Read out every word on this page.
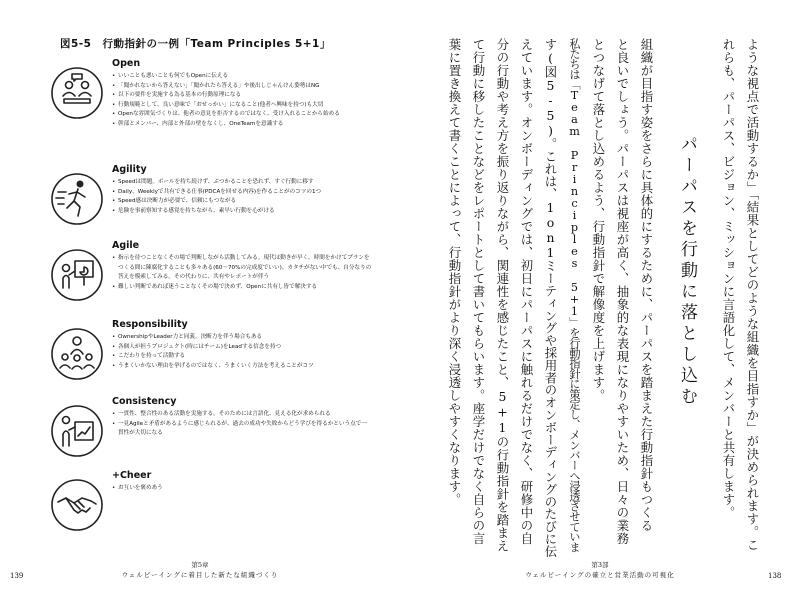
図5-5　行動指針の一例「Team Principles 5+1」
Open
• いいことも悪いことも何でもOpenに伝える
• 「聞かれないから答えない」「聞かれたら答える」や後出しじゃんけん姿勢はNG
• 以下の要件を実施する為る基本の行動原理になる
• 行動規範として、良い意味で「おせっかい」になること(他者へ興味を持つ)も大切
• Openな雰囲気づくりは、他者の意見を拒否するのではなく、受け入れることから始める
• 幹部とメンバー、内部と外部の壁をなくし、OneTeamを意識する
Agility
• Speedは問題。ボールを持ち続けず、ぶつかることを恐れず、すぐ行動に移す
• Daily、Weeklyで共有できる仕事(PDCAを回せる内容)を作ることがのコツの1つ
• Speed感は決断力が必要で、信頼にもつながる
• 危険を事前察知する感覚を持ちながら、素早い行動を心がける
Agile
• 指示を待つことなくその場で判断しながら活動してみる。現代は動きが早く、時間をかけてプランをつくる間に陳腐化することも多々ある(60〜70%の完成度でいい)。カタチがない中でも、自分なりの答えを模索してみる。その代わりに、共有やレポートが伴う
• 難しい判断であれば迷うことなくその場で決めず、Openに共有し皆で解決する
Responsibility
• OwnershipやLeader力と同義。決断力を伴う場合もある
• 各個人が担うプロジェクト(時にはチーム)をLeadする信念を持つ
• こだわりを持って活動する
• うまくいかない理由を挙げるのではなく、うまくいく方法を考えることがコツ
Consistency
• 一貫性、整合性のある活動を実施する。そのためには言語化、見える化が求められる
• 一見Agileと矛盾があるように感じられるが、過去の成功や失敗からどう学びを得るかという点で一貫性が大切になる
+Cheer
• お互いを褒めあう
第5章
ウェルビーイングに着目した新たな組織づくり
139
ような視点で活動するか」「結果としてどのような組織を目指すか」が決められます。こ
れらも、パーパス、ビジョン、ミッションに言語化して、メンバーと共有します。
パーパスを行動に落とし込む
組織が目指す姿をさらに具体的にするために、パーパスを踏まえた行動指針もつくる
と良いでしょう。パーパスは視座が高く、抽象的な表現になりやすいため、日々の業務
とつなげて落とし込めるよう、行動指針で解像度を上げます。
私たちは「Team Principles 5+1」を行動指針に策定し、メンバーへ浸透させていま
す(図5-5)。これは、1on1ミーティングや採用者のオンボーディングのたびに伝
えています。オンボーディングでは、初日にパーパスに触れるだけでなく、研修中の自
分の行動や考え方を振り返りながら、関連性を感じたこと、5+1の行動指針を踏まえ
て行動に移したことなどをレポートとして書いてもらいます。座学だけでなく自らの言
葉に置き換えて書くことによって、行動指針がより深く浸透しやすくなります。
第3部
ウェルビーイングの確立と営業活動の可視化	138
